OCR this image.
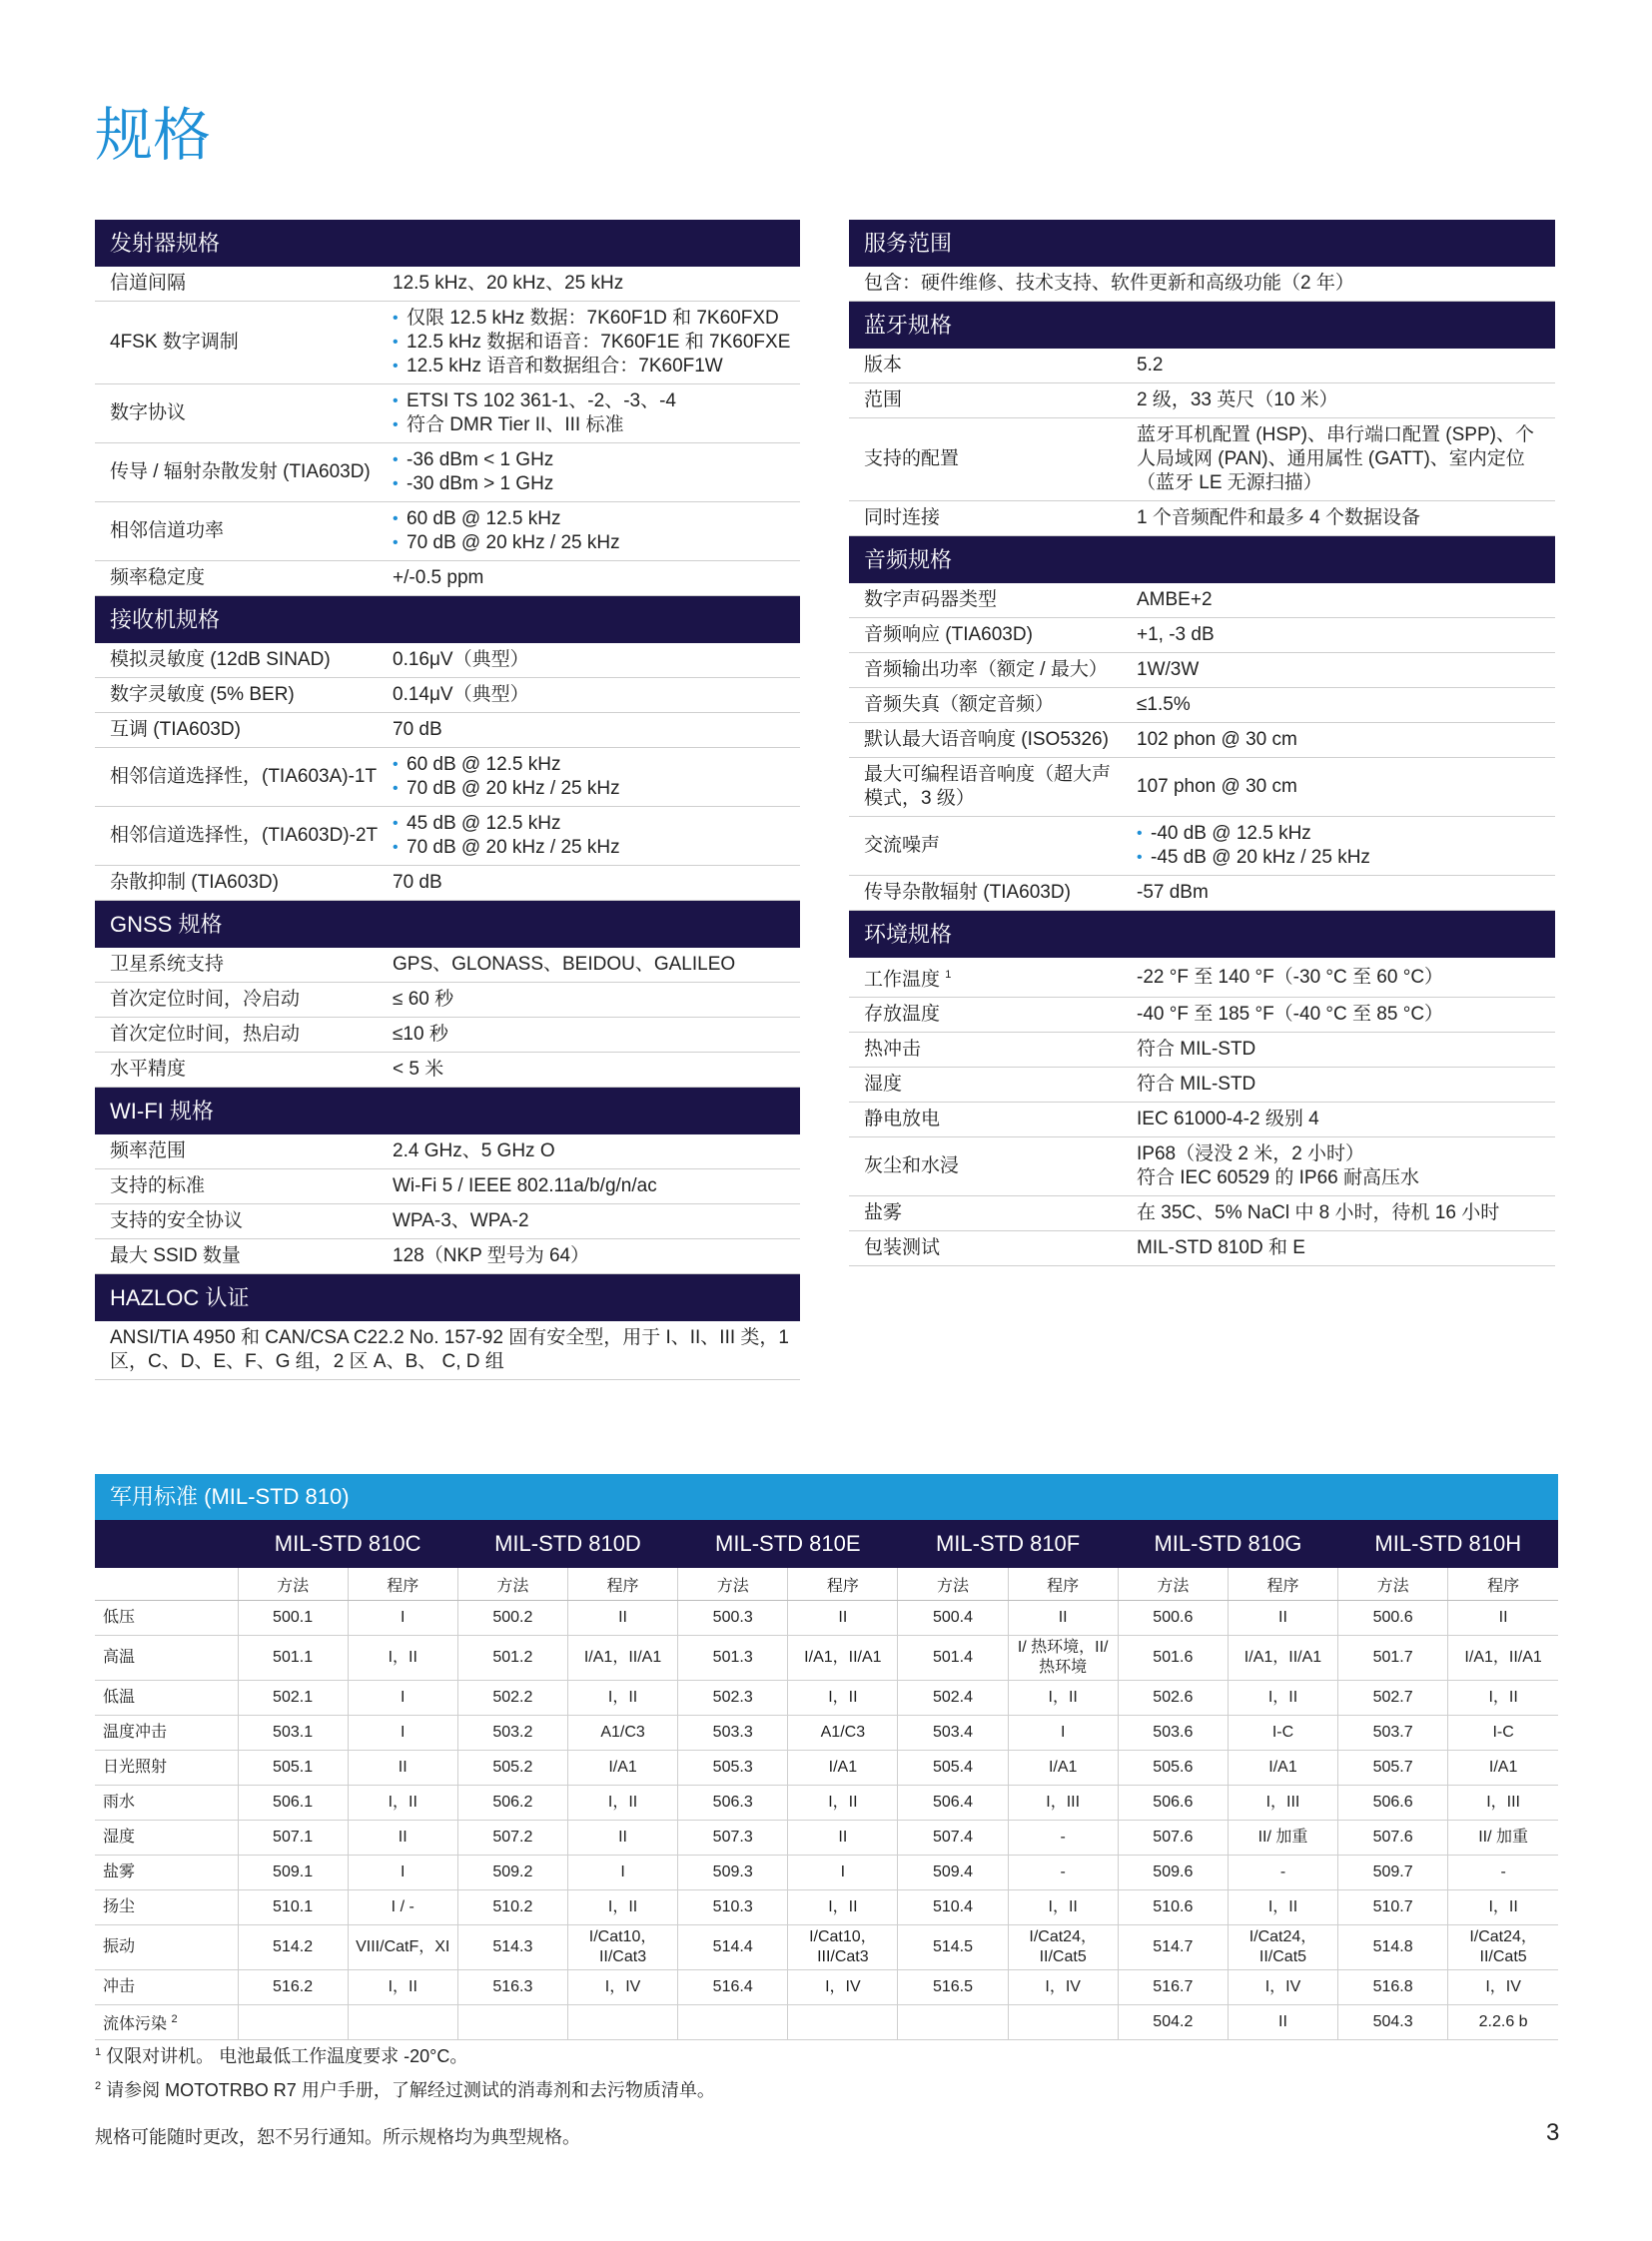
规格
发射器规格
信道间隔	12.5 kHz、20 kHz、25 kHz
4FSK 数字调制
• 仅限 12.5 kHz 数据：7K60F1D 和 7K60FXD
• 12.5 kHz 数据和语音：7K60F1E 和 7K60FXE
• 12.5 kHz 语音和数据组合：7K60F1W
数字协议
• ETSI TS 102 361-1、-2、-3、-4
• 符合 DMR Tier II、III 标准
传导 / 辐射杂散发射 (TIA603D)
• -36 dBm < 1 GHz
• -30 dBm > 1 GHz
相邻信道功率
• 60 dB @ 12.5 kHz
• 70 dB @ 20 kHz / 25 kHz
频率稳定度	+/-0.5 ppm
接收机规格
模拟灵敏度 (12dB SINAD)	0.16μV（典型）
数字灵敏度 (5% BER)	0.14μV（典型）
互调 (TIA603D)	70 dB
相邻信道选择性，(TIA603A)-1T
• 60 dB @ 12.5 kHz
• 70 dB @ 20 kHz / 25 kHz
相邻信道选择性，(TIA603D)-2T
• 45 dB @ 12.5 kHz
• 70 dB @ 20 kHz / 25 kHz
杂散抑制 (TIA603D)	70 dB
GNSS 规格
卫星系统支持	GPS、GLONASS、BEIDOU、GALILEO
首次定位时间，冷启动	≤ 60 秒
首次定位时间，热启动	≤10 秒
水平精度	< 5 米
WI-FI 规格
频率范围	2.4 GHz、5 GHz O
支持的标准	Wi-Fi 5 / IEEE 802.11a/b/g/n/ac
支持的安全协议	WPA-3、WPA-2
最大 SSID 数量	128（NKP 型号为 64）
HAZLOC 认证
ANSI/TIA 4950 和 CAN/CSA C22.2 No. 157-92 固有安全型，用于 I、II、III 类，1 区，C、D、E、F、G 组，2 区 A、B、 C, D 组
服务范围
包含：硬件维修、技术支持、软件更新和高级功能（2 年）
蓝牙规格
版本	5.2
范围	2 级，33 英尺（10 米）
支持的配置
蓝牙耳机配置 (HSP)、串行端口配置 (SPP)、个人局域网 (PAN)、通用属性 (GATT)、室内定位（蓝牙 LE 无源扫描）
同时连接	1 个音频配件和最多 4 个数据设备
音频规格
数字声码器类型	AMBE+2
音频响应 (TIA603D)	+1, -3 dB
音频输出功率（额定 / 最大）	1W/3W
音频失真（额定音频）	≤1.5%
默认最大语音响度 (ISO5326)	102 phon @ 30 cm
最大可编程语音响度（超大声模式，3 级）
107 phon @ 30 cm
交流噪声
• -40 dB @ 12.5 kHz
• -45 dB @ 20 kHz / 25 kHz
传导杂散辐射 (TIA603D)	-57 dBm
环境规格
工作温度 $^1$	-22 °F 至 140 °F（-30 °C 至 60 °C）
存放温度	-40 °F 至 185 °F（-40 °C 至 85 °C）
热冲击	符合 MIL-STD
湿度	符合 MIL-STD
静电放电	IEC 61000-4-2 级别 4
灰尘和水浸
IP68（浸没 2 米，2 小时）
符合 IEC 60529 的 IP66 耐高压水
盐雾	在 35C、5% NaCl 中 8 小时，待机 16 小时
包装测试	MIL-STD 810D 和 E
军用标准 (MIL-STD 810)
	MIL-STD 810C		MIL-STD 810D		MIL-STD 810E		MIL-STD 810F		MIL-STD 810G		MIL-STD 810H	
	方法	程序	方法	程序	方法	程序	方法	程序	方法	程序	方法	程序
低压	500.1	I	500.2	II	500.3	II	500.4	II	500.6	II	500.6	II
高温	501.1	I，II	501.2	I/A1，II/A1	501.3	I/A1，II/A1	501.4	I/ 热环境，II/ 热环境	501.6	I/A1，II/A1	501.7	I/A1，II/A1
低温	502.1	I	502.2	I，II	502.3	I，II	502.4	I，II	502.6	I，II	502.7	I，II
温度冲击	503.1	I	503.2	A1/C3	503.3	A1/C3	503.4	I	503.6	I-C	503.7	I-C
日光照射	505.1	II	505.2	I/A1	505.3	I/A1	505.4	I/A1	505.6	I/A1	505.7	I/A1
雨水	506.1	I，II	506.2	I，II	506.3	I，II	506.4	I，III	506.6	I，III	506.6	I，III
湿度	507.1	II	507.2	II	507.3	II	507.4	-	507.6	II/ 加重	507.6	II/ 加重
盐雾	509.1	I	509.2	I	509.3	I	509.4	-	509.6	-	509.7	-
扬尘	510.1	I / -	510.2	I，II	510.3	I，II	510.4	I，II	510.6	I，II	510.7	I，II
振动	514.2	VIII/CatF，XI	514.3	I/Cat10，II/Cat3	514.4	I/Cat10，III/Cat3	514.5	I/Cat24，II/Cat5	514.7	I/Cat24，II/Cat5	514.8	I/Cat24，II/Cat5
冲击	516.2	I，II	516.3	I，IV	516.4	I，IV	516.5	I，IV	516.7	I，IV	516.8	I，IV
流体污染 $^2$									504.2	II	504.3	2.2.6 b
$^1$ 仅限对讲机。 电池最低工作温度要求 -20°C。
$^2$ 请参阅 MOTOTRBO R7 用户手册，了解经过测试的消毒剂和去污物质清单。
规格可能随时更改，恕不另行通知。所示规格均为典型规格。	3
